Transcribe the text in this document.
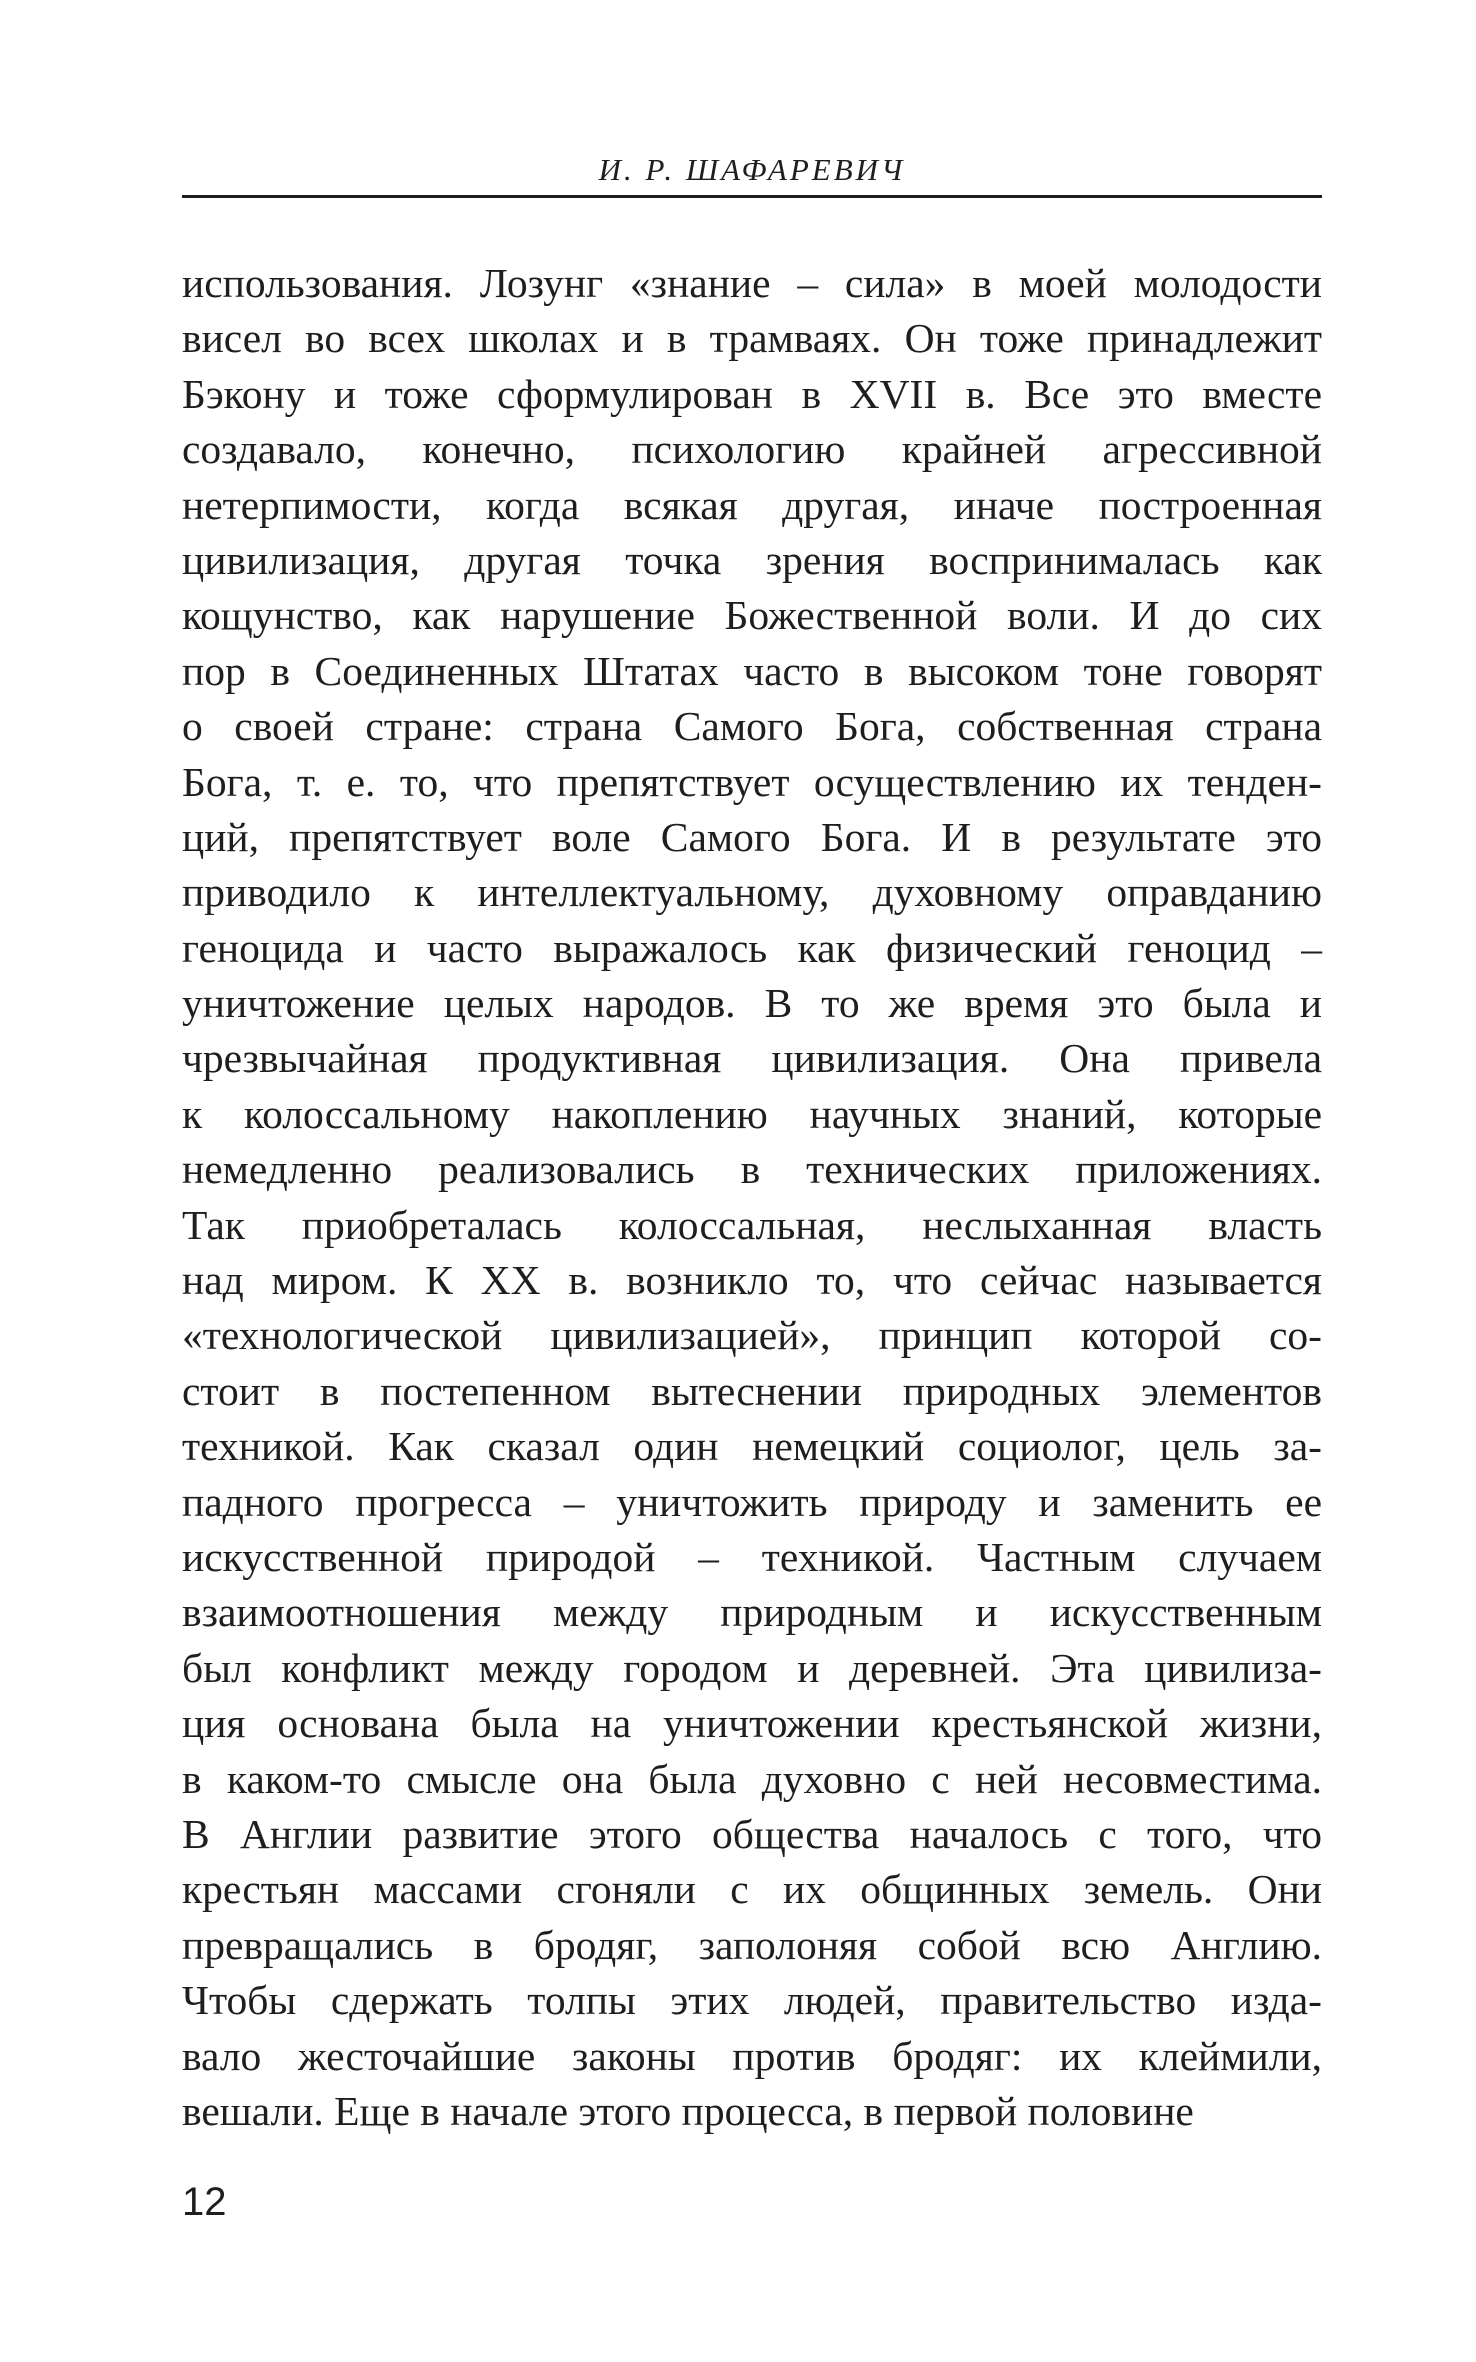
И. Р. ШАФАРЕВИЧ
использования. Лозунг «знание – сила» в моей молодости
висел во всех школах и в трамваях. Он тоже принадлежит
Бэкону и тоже сформулирован в XVII в. Все это вместе
создавало, конечно, психологию крайней агрессивной
нетерпимости, когда всякая другая, иначе построенная
цивилизация, другая точка зрения воспринималась как
кощунство, как нарушение Божественной воли. И до сих
пор в Соединенных Штатах часто в высоком тоне говорят
о своей стране: страна Самого Бога, собственная страна
Бога, т. е. то, что препятствует осуществлению их тенден-
ций, препятствует воле Самого Бога. И в результате это
приводило к интеллектуальному, духовному оправданию
геноцида и часто выражалось как физический геноцид –
уничтожение целых народов. В то же время это была и
чрезвычайная продуктивная цивилизация. Она привела
к колоссальному накоплению научных знаний, которые
немедленно реализовались в технических приложениях.
Так приобреталась колоссальная, неслыханная власть
над миром. К XX в. возникло то, что сейчас называется
«технологической цивилизацией», принцип которой со-
стоит в постепенном вытеснении природных элементов
техникой. Как сказал один немецкий социолог, цель за-
падного прогресса – уничтожить природу и заменить ее
искусственной природой – техникой. Частным случаем
взаимоотношения между природным и искусственным
был конфликт между городом и деревней. Эта цивилиза-
ция основана была на уничтожении крестьянской жизни,
в каком-то смысле она была духовно с ней несовместима.
В Англии развитие этого общества началось с того, что
крестьян массами сгоняли с их общинных земель. Они
превращались в бродяг, заполоняя собой всю Англию.
Чтобы сдержать толпы этих людей, правительство изда-
вало жесточайшие законы против бродяг: их клеймили,
вешали. Еще в начале этого процесса, в первой половине
12
